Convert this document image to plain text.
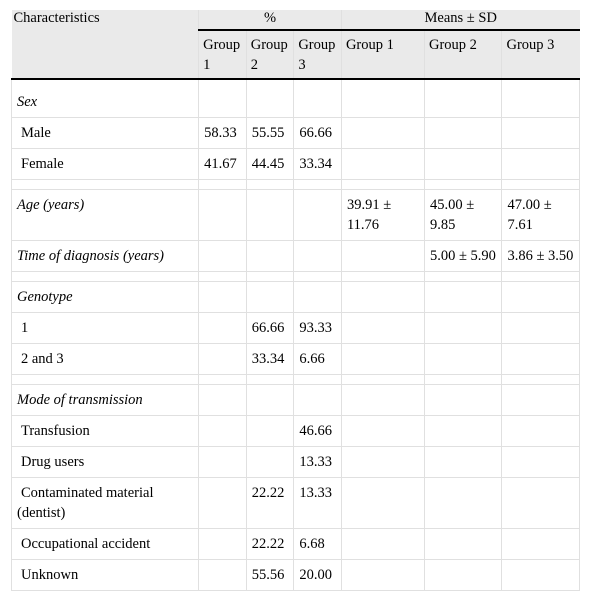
Characteristics	%			Means ± SD		
	Group 1	Group 2	Group 3	Group 1	Group 2	Group 3
Sex						
Male	58.33	55.55	66.66			
Female	41.67	44.45	33.34			

Age (years)				39.91 ± 11.76	45.00 ± 9.85	47.00 ± 7.61
Time of diagnosis (years)					5.00 ± 5.90	3.86 ± 3.50

Genotype						
1		66.66	93.33			
2 and 3		33.34	6.66			

Mode of transmission						
Transfusion			46.66			
Drug users			13.33			
Contaminated material (dentist)		22.22	13.33			
Occupational accident		22.22	6.68			
Unknown		55.56	20.00			
